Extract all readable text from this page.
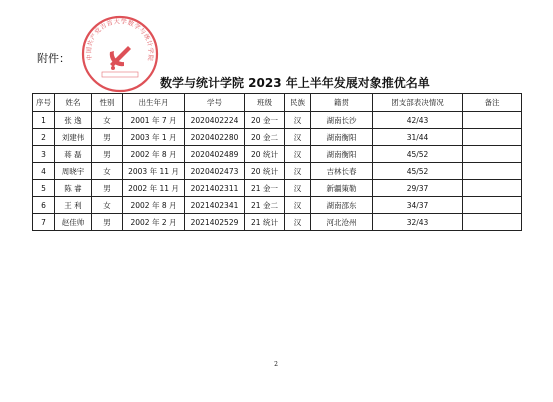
附件：	中国共产党吉首大学数学与统计学院
数学与统计学院 2023 年上半年发展对象推优名单
序号	姓名	性别	出生年月	学号	班级	民族	籍贯	团支部表决情况	备注
1	张 逸	女	2001 年 7 月	2020402224	20 金一	汉	湖南长沙	42/43	
2	刘建伟	男	2003 年 1 月	2020402280	20 金二	汉	湖南衡阳	31/44	
3	蒋 磊	男	2002 年 8 月	2020402489	20 统计	汉	湖南衡阳	45/52	
4	周晓宇	女	2003 年 11 月	2020402473	20 统计	汉	吉林长春	45/52	
5	陈 睿	男	2002 年 11 月	2021402311	21 金一	汉	新疆策勒	29/37	
6	王 利	女	2002 年 8 月	2021402341	21 金二	汉	湖南邵东	34/37	
7	赵佳帅	男	2002 年 2 月	2021402529	21 统计	汉	河北沧州	32/43	
2
